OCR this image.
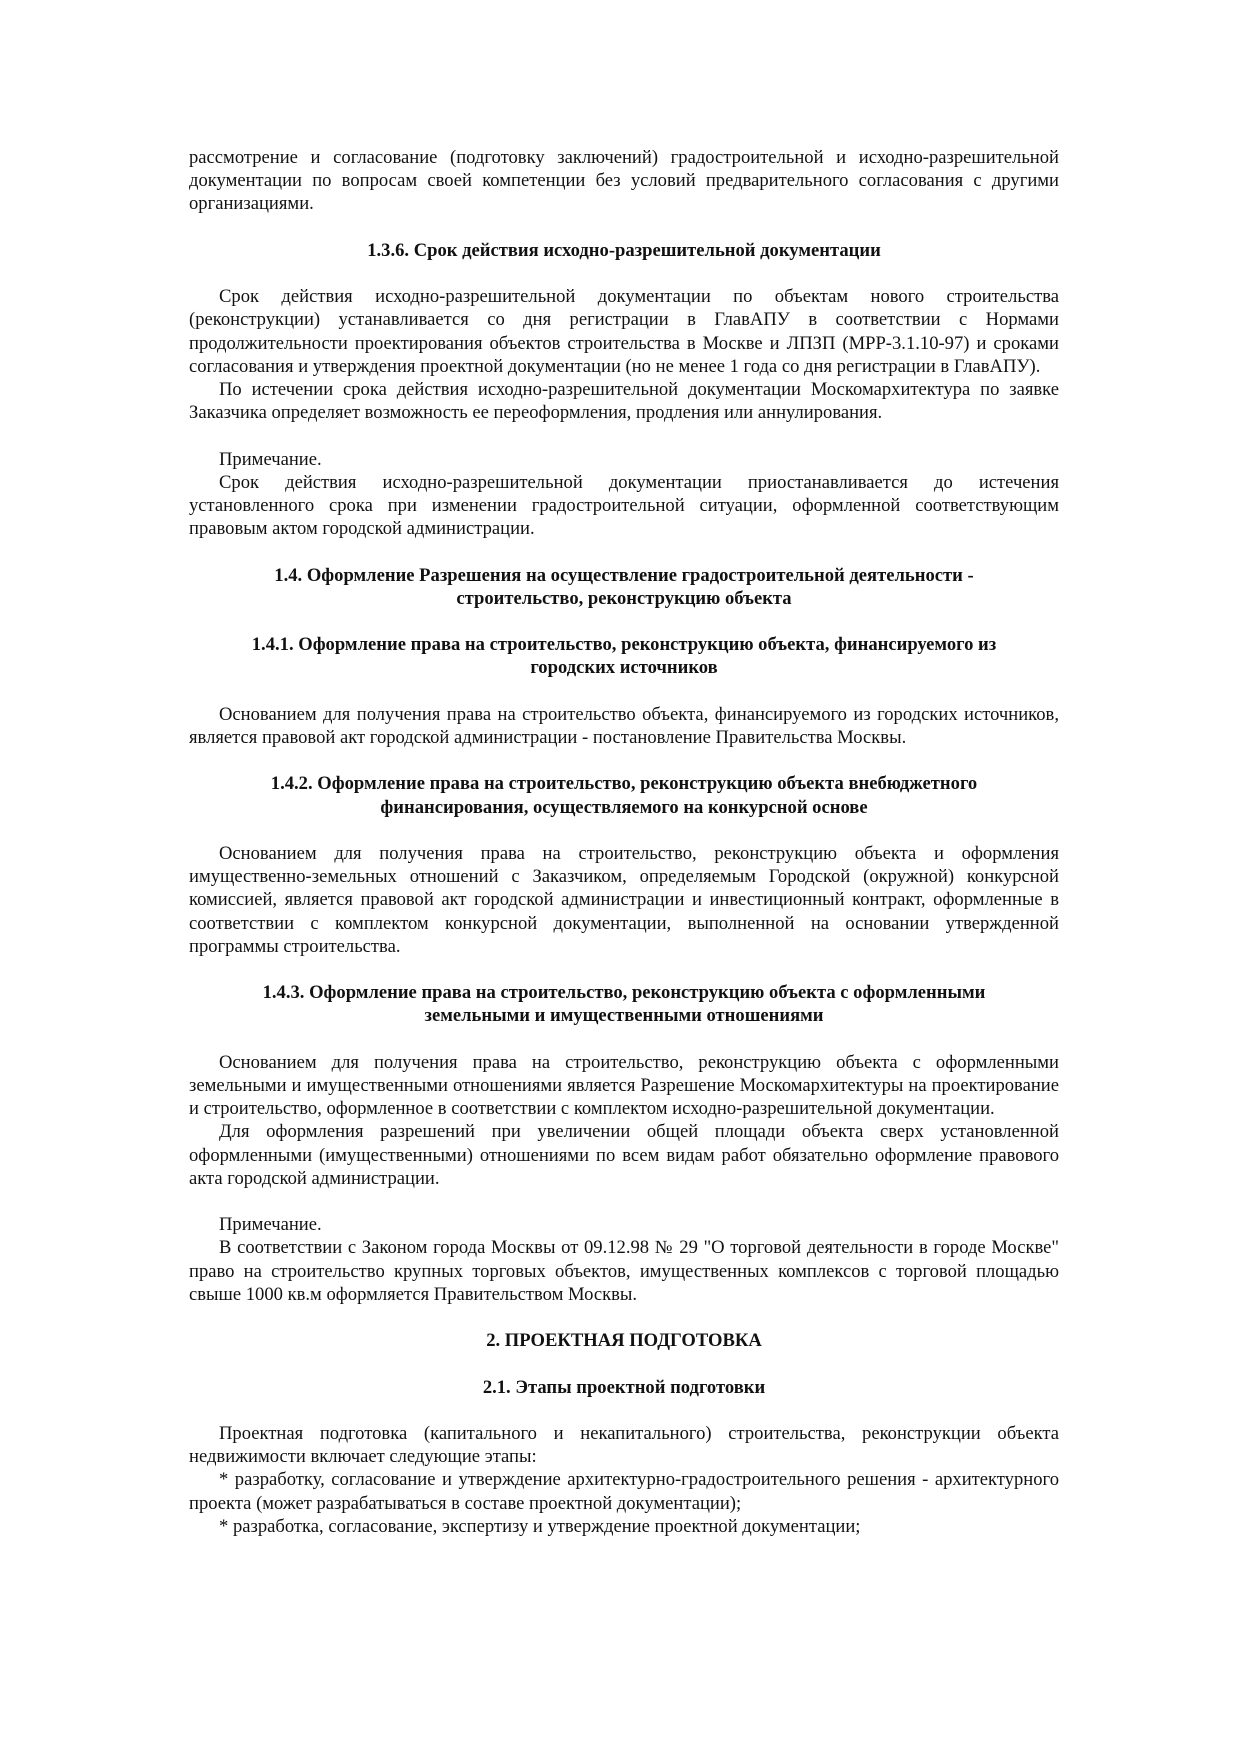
рассмотрение и согласование (подготовку заключений) градостроительной и исходно-разрешительной документации по вопросам своей компетенции без условий предварительного согласования с другими организациями.

1.3.6. Срок действия исходно-разрешительной документации

Срок действия исходно-разрешительной документации по объектам нового строительства (реконструкции) устанавливается со дня регистрации в ГлавАПУ в соответствии с Нормами продолжительности проектирования объектов строительства в Москве и ЛПЗП (МРР-3.1.10-97) и сроками согласования и утверждения проектной документации (но не менее 1 года со дня регистрации в ГлавАПУ).

По истечении срока действия исходно-разрешительной документации Москомархитектура по заявке Заказчика определяет возможность ее переоформления, продления или аннулирования.

Примечание.

Срок действия исходно-разрешительной документации приостанавливается до истечения установленного срока при изменении градостроительной ситуации, оформленной соответствующим правовым актом городской администрации.

1.4. Оформление Разрешения на осуществление градостроительной деятельности - строительство, реконструкцию объекта

1.4.1. Оформление права на строительство, реконструкцию объекта, финансируемого из городских источников

Основанием для получения права на строительство объекта, финансируемого из городских источников, является правовой акт городской администрации - постановление Правительства Москвы.

1.4.2. Оформление права на строительство, реконструкцию объекта внебюджетного финансирования, осуществляемого на конкурсной основе

Основанием для получения права на строительство, реконструкцию объекта и оформления имущественно-земельных отношений с Заказчиком, определяемым Городской (окружной) конкурсной комиссией, является правовой акт городской администрации и инвестиционный контракт, оформленные в соответствии с комплектом конкурсной документации, выполненной на основании утвержденной программы строительства.

1.4.3. Оформление права на строительство, реконструкцию объекта с оформленными земельными и имущественными отношениями

Основанием для получения права на строительство, реконструкцию объекта с оформленными земельными и имущественными отношениями является Разрешение Москомархитектуры на проектирование и строительство, оформленное в соответствии с комплектом исходно-разрешительной документации.

Для оформления разрешений при увеличении общей площади объекта сверх установленной оформленными (имущественными) отношениями по всем видам работ обязательно оформление правового акта городской администрации.

Примечание.

В соответствии с Законом города Москвы от 09.12.98 № 29 "О торговой деятельности в городе Москве" право на строительство крупных торговых объектов, имущественных комплексов с торговой площадью свыше 1000 кв.м оформляется Правительством Москвы.

2. ПРОЕКТНАЯ ПОДГОТОВКА

2.1. Этапы проектной подготовки

Проектная подготовка (капитального и некапитального) строительства, реконструкции объекта недвижимости включает следующие этапы:

* разработку, согласование и утверждение архитектурно-градостроительного решения - архитектурного проекта (может разрабатываться в составе проектной документации);

* разработка, согласование, экспертизу и утверждение проектной документации;
